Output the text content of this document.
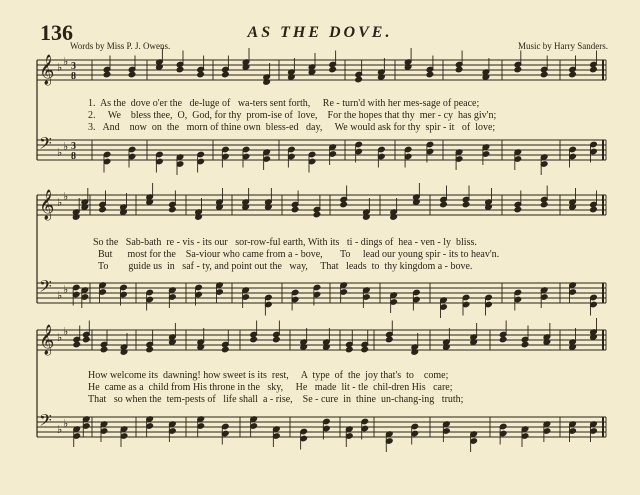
136	AS THE DOVE.
Words by Miss P. J. Owens.	Music by Harry Sanders.
𝄞 ♭ ♭ 3
8
𝄢 ♭ ♭ 3
8
𝄞 ♭ ♭
𝄢 ♭ ♭
𝄞 ♭ ♭
𝄢 ♭ ♭
1.  As the  dove o'er the   de-luge of   wa-ters sent forth,     Re - turn'd with her mes-sage of peace;
2.     We    bless thee,  O,  God, for thy  prom-ise of  love,    For the hopes that thy  mer - cy  has giv'n;
3.   And    now  on  the   morn of thine own  bless-ed   day,     We would ask for thy  spir - it   of  love;
So the   Sab-bath  re - vis - its our   sor-row-ful earth, With its   ti - dings of  hea - ven - ly  bliss.
But      most for the    Sa-viour who came from a - bove,       To     lead our young spir - its to heav'n.
To        guide us  in   saf - ty, and point out the   way,     That   leads  to  thy kingdom a - bove.
How welcome its  dawning! how sweet is its  rest,     A  type  of  the  joy that's  to    come;
He  came as a  child from His throne in the   sky,     He   made  lit - tle  chil-dren His   care;
That   so when the  tem-pests of   life shall  a - rise,    Se - cure  in  thine  un-chang-ing   truth;
